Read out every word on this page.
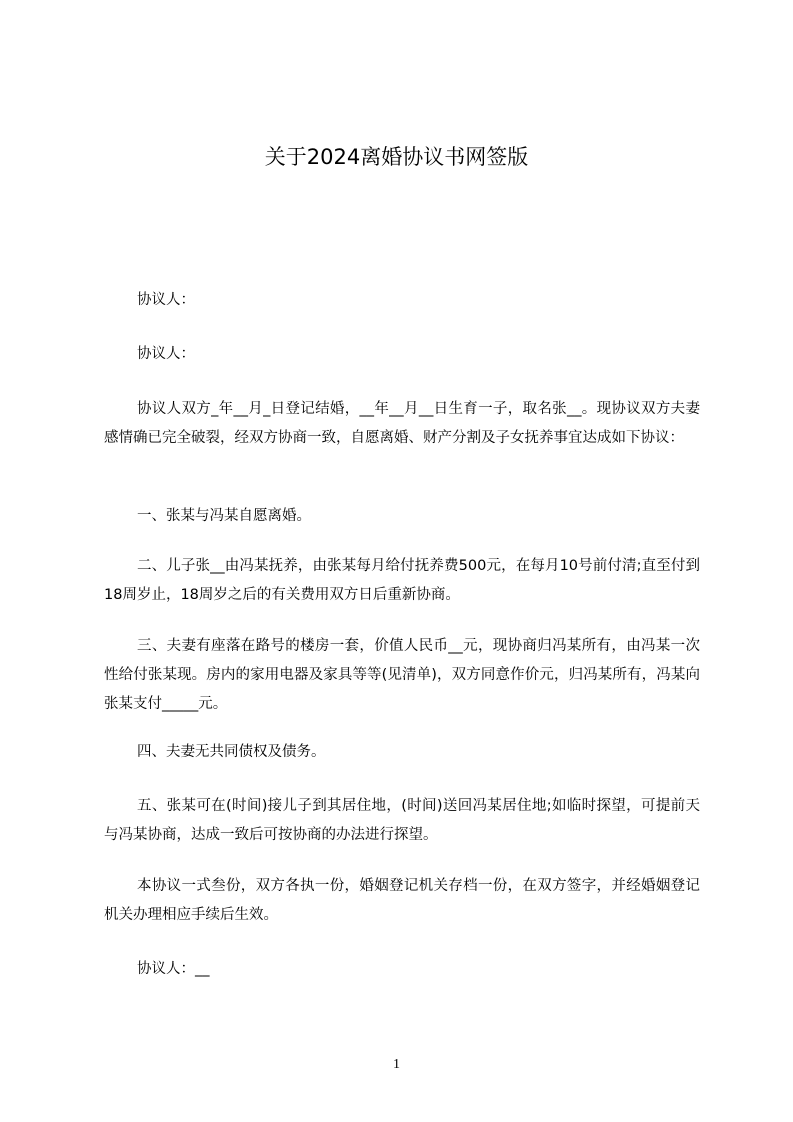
关于2024离婚协议书网签版

协议人：

协议人：

协议人双方_年__月_日登记结婚，__年__月__日生育一子，取名张__。现协议双方夫妻感情确已完全破裂，经双方协商一致，自愿离婚、财产分割及子女抚养事宜达成如下协议：

一、张某与冯某自愿离婚。

二、儿子张__由冯某抚养，由张某每月给付抚养费500元，在每月10号前付清;直至付到18周岁止，18周岁之后的有关费用双方日后重新协商。

三、夫妻有座落在路号的楼房一套，价值人民币__元，现协商归冯某所有，由冯某一次性给付张某现。房内的家用电器及家具等等(见清单)，双方同意作价元，归冯某所有，冯某向张某支付_____元。

四、夫妻无共同债权及债务。

五、张某可在(时间)接儿子到其居住地，(时间)送回冯某居住地;如临时探望，可提前天与冯某协商，达成一致后可按协商的办法进行探望。

本协议一式叁份，双方各执一份，婚姻登记机关存档一份，在双方签字，并经婚姻登记机关办理相应手续后生效。

协议人：__

1
